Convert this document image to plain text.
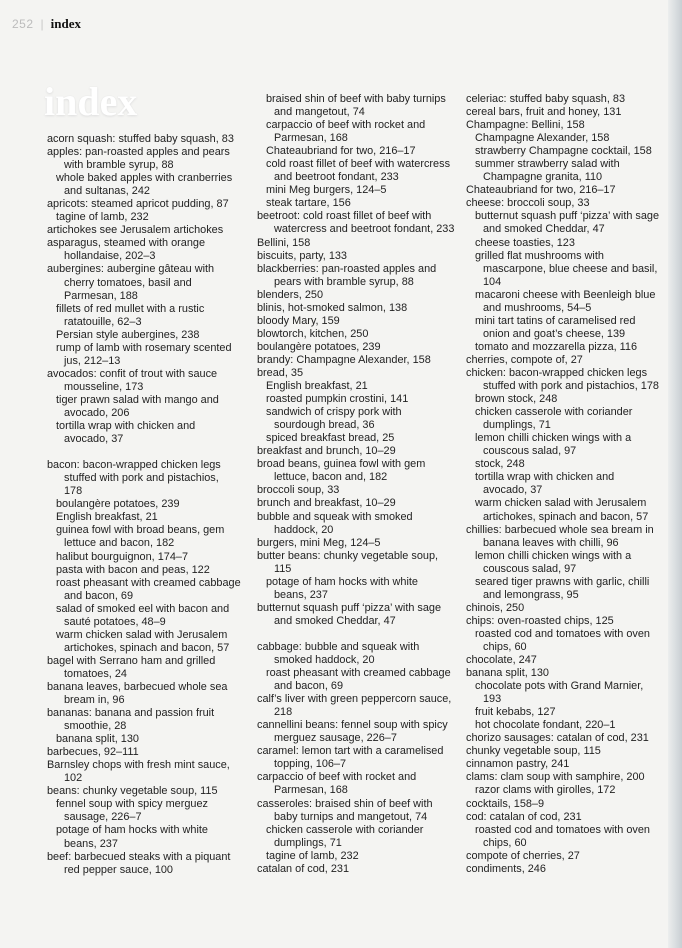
252 | index
index
acorn squash: stuffed baby squash, 83
apples: pan-roasted apples and pears
with bramble syrup, 88
whole baked apples with cranberries
and sultanas, 242
apricots: steamed apricot pudding, 87
tagine of lamb, 232
artichokes see Jerusalem artichokes
asparagus, steamed with orange
hollandaise, 202–3
aubergines: aubergine gâteau with
cherry tomatoes, basil and
Parmesan, 188
fillets of red mullet with a rustic
ratatouille, 62–3
Persian style aubergines, 238
rump of lamb with rosemary scented
jus, 212–13
avocados: confit of trout with sauce
mousseline, 173
tiger prawn salad with mango and
avocado, 206
tortilla wrap with chicken and
avocado, 37
bacon: bacon-wrapped chicken legs
stuffed with pork and pistachios,
178
boulangère potatoes, 239
English breakfast, 21
guinea fowl with broad beans, gem
lettuce and bacon, 182
halibut bourguignon, 174–7
pasta with bacon and peas, 122
roast pheasant with creamed cabbage
and bacon, 69
salad of smoked eel with bacon and
sauté potatoes, 48–9
warm chicken salad with Jerusalem
artichokes, spinach and bacon, 57
bagel with Serrano ham and grilled
tomatoes, 24
banana leaves, barbecued whole sea
bream in, 96
bananas: banana and passion fruit
smoothie, 28
banana split, 130
barbecues, 92–111
Barnsley chops with fresh mint sauce,
102
beans: chunky vegetable soup, 115
fennel soup with spicy merguez
sausage, 226–7
potage of ham hocks with white
beans, 237
beef: barbecued steaks with a piquant
red pepper sauce, 100
braised shin of beef with baby turnips
and mangetout, 74
carpaccio of beef with rocket and
Parmesan, 168
Chateaubriand for two, 216–17
cold roast fillet of beef with watercress
and beetroot fondant, 233
mini Meg burgers, 124–5
steak tartare, 156
beetroot: cold roast fillet of beef with
watercress and beetroot fondant, 233
Bellini, 158
biscuits, party, 133
blackberries: pan-roasted apples and
pears with bramble syrup, 88
blenders, 250
blinis, hot-smoked salmon, 138
bloody Mary, 159
blowtorch, kitchen, 250
boulangère potatoes, 239
brandy: Champagne Alexander, 158
bread, 35
English breakfast, 21
roasted pumpkin crostini, 141
sandwich of crispy pork with
sourdough bread, 36
spiced breakfast bread, 25
breakfast and brunch, 10–29
broad beans, guinea fowl with gem
lettuce, bacon and, 182
broccoli soup, 33
brunch and breakfast, 10–29
bubble and squeak with smoked
haddock, 20
burgers, mini Meg, 124–5
butter beans: chunky vegetable soup,
115
potage of ham hocks with white
beans, 237
butternut squash puff ‘pizza’ with sage
and smoked Cheddar, 47
cabbage: bubble and squeak with
smoked haddock, 20
roast pheasant with creamed cabbage
and bacon, 69
calf’s liver with green peppercorn sauce,
218
cannellini beans: fennel soup with spicy
merguez sausage, 226–7
caramel: lemon tart with a caramelised
topping, 106–7
carpaccio of beef with rocket and
Parmesan, 168
casseroles: braised shin of beef with
baby turnips and mangetout, 74
chicken casserole with coriander
dumplings, 71
tagine of lamb, 232
catalan of cod, 231
celeriac: stuffed baby squash, 83
cereal bars, fruit and honey, 131
Champagne: Bellini, 158
Champagne Alexander, 158
strawberry Champagne cocktail, 158
summer strawberry salad with
Champagne granita, 110
Chateaubriand for two, 216–17
cheese: broccoli soup, 33
butternut squash puff ‘pizza’ with sage
and smoked Cheddar, 47
cheese toasties, 123
grilled flat mushrooms with
mascarpone, blue cheese and basil,
104
macaroni cheese with Beenleigh blue
and mushrooms, 54–5
mini tart tatins of caramelised red
onion and goat’s cheese, 139
tomato and mozzarella pizza, 116
cherries, compote of, 27
chicken: bacon-wrapped chicken legs
stuffed with pork and pistachios, 178
brown stock, 248
chicken casserole with coriander
dumplings, 71
lemon chilli chicken wings with a
couscous salad, 97
stock, 248
tortilla wrap with chicken and
avocado, 37
warm chicken salad with Jerusalem
artichokes, spinach and bacon, 57
chillies: barbecued whole sea bream in
banana leaves with chilli, 96
lemon chilli chicken wings with a
couscous salad, 97
seared tiger prawns with garlic, chilli
and lemongrass, 95
chinois, 250
chips: oven-roasted chips, 125
roasted cod and tomatoes with oven
chips, 60
chocolate, 247
banana split, 130
chocolate pots with Grand Marnier,
193
fruit kebabs, 127
hot chocolate fondant, 220–1
chorizo sausages: catalan of cod, 231
chunky vegetable soup, 115
cinnamon pastry, 241
clams: clam soup with samphire, 200
razor clams with girolles, 172
cocktails, 158–9
cod: catalan of cod, 231
roasted cod and tomatoes with oven
chips, 60
compote of cherries, 27
condiments, 246
